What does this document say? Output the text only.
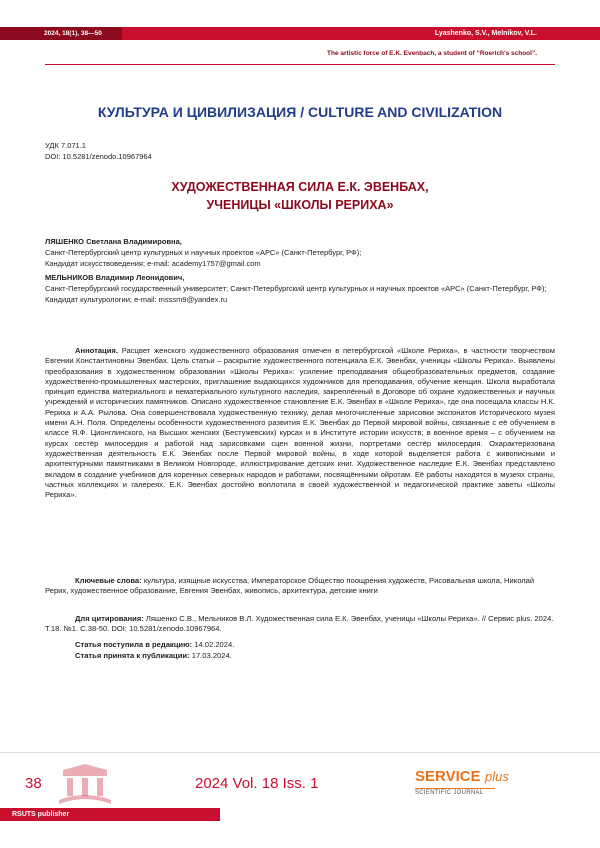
2024, 18(1), 38—50	Lyashenko, S.V., Melnikov, V.L.
The artistic force of E.K. Evenbach, a student of “Roerich's school”.
КУЛЬТУРА И ЦИВИЛИЗАЦИЯ / CULTURE AND CIVILIZATION
УДК 7.071.1
DOI: 10.5281/zenodo.10967964
ХУДОЖЕСТВЕННАЯ СИЛА Е.К. ЭВЕНБАХ,
УЧЕНИЦЫ «ШКОЛЫ РЕРИХА»
ЛЯШЕНКО Светлана Владимировна,
Санкт-Петербургский центр культурных и научных проектов «АРС» (Санкт-Петербург, РФ);
Кандидат искусствоведения; e-mail: academy1757@gmail.com
МЕЛЬНИКОВ Владимир Леонидович,
Санкт-Петербургский государственный университет; Санкт-Петербургский центр культурных и научных проектов «АРС» (Санкт-Петербург, РФ);
Кандидат культурологии; e-mail: msssm9@yandex.ru

Аннотация. Расцвет женского художественного образования отмечен в петербургской «Школе Рериха», в частности творчеством Евгении Константиновны Эвенбах. Цель статьи – раскрытие художественного потенциала Е.К. Эвенбах, ученицы «Школы Рериха». Выявлены преобразования в художественном образовании «Школы Рериха»: усиление преподавания общеобразовательных предметов, создание художественно-промышленных мастерских, приглашение выдающихся художников для преподавания, обучение женщин. Школа выработала принцип единства материального и нематериального культурного наследия, закреплённый в Договоре об охране художественных и научных учреждений и исторических памятников. Описано художественное становление Е.К. Эвенбах в «Школе Рериха», где она посещала классы Н.К. Рериха и А.А. Рылова. Она совершенствовала художественную технику, делая многочисленные зарисовки экспонатов Исторического музея имени А.Н. Поля. Определены особенности художественного развития Е.К. Эвенбах до Первой мировой войны, связанные с её обучением в классе Я.Ф. Ционглинского, на Высших женских (Бестужевских) курсах и в Институте истории искусств; в военное время – с обучением на курсах сестёр милосердия и работой над зарисовками сцен военной жизни, портретами сестёр милосердия. Охарактеризована художественная деятельность Е.К. Эвенбах после Первой мировой войны, в ходе которой выделяется работа с живописными и архитектурными памятниками в Великом Новгороде, иллюстрирование детских книг. Художественное наследие Е.К. Эвенбах представлено вкладом в создание учебников для коренных северных народов и работами, посвящёнными ойротам. Её работы находятся в музеях страны, частных коллекциях и галереях. Е.К. Эвенбах достойно воплотила в своей художественной и педагогической практике заветы «Школы Рериха».

Ключевые слова: культура, изящные искусства, Императорское Общество поощрения художеств, Рисовальная школа, Николай Рерих, художественное образование, Евгения Эвенбах, живопись, архитектура, детские книги

Для цитирования: Ляшенко С.В., Мельников В.Л. Художественная сила Е.К. Эвенбах, ученицы «Школы Рериха». // Сервис plus. 2024. Т.18. №1. С.38-50. DOI: 10.5281/zenodo.10967964.

Статья поступила в редакцию: 14.02.2024.
Статья принята к публикации: 17.03.2024.
38	2024 Vol. 18 Iss. 1	SERVICE plus
SCIENTIFIC JOURNAL
RSUTS publisher
